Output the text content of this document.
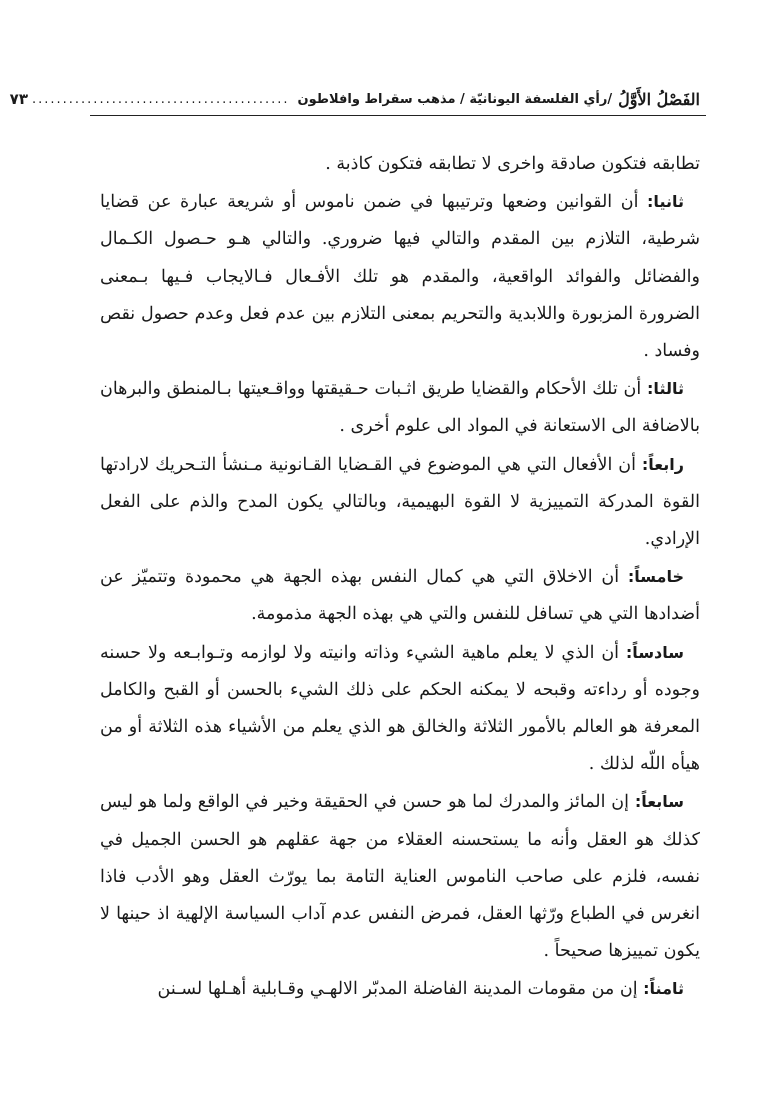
الفَصْلُ الأَوَّلُ
/رأي الفلسفة اليونانيّة / مذهب سقراط وافلاطون
..........................................
٧٣

تطابقه فتكون صادقة واخرى لا تطابقه فتكون كاذبة .

ثانيا: أن القوانين وضعها وترتيبها في ضمن ناموس أو شريعة عبارة عن قضايا شرطية، التلازم بين المقدم والتالي فيها ضروري. والتالي هـو حـصول الكـمال والفضائل والفوائد الواقعية، والمقدم هو تلك الأفـعال فـالايجاب فـيها بـمعنى الضرورة المزبورة واللابدية والتحريم بمعنى التلازم بين عدم فعل وعدم حصول نقص وفساد .

ثالثا: أن تلك الأحكام والقضايا طريق اثـبات حـقيقتها وواقـعيتها بـالمنطق والبرهان بالاضافة الى الاستعانة في المواد الى علوم أخرى .

رابعاً: أن الأفعال التي هي الموضوع في القـضايا القـانونية مـنشأ التـحريك لارادتها القوة المدركة التمييزية لا القوة البهيمية، وبالتالي يكون المدح والذم على الفعل الإرادي.

خامساً: أن الاخلاق التي هي كمال النفس بهذه الجهة هي محمودة وتتميّز عن أضدادها التي هي تسافل للنفس والتي هي بهذه الجهة مذمومة.

سادساً: أن الذي لا يعلم ماهية الشيء وذاته وانيته ولا لوازمه وتـوابـعه ولا حسنه وجوده أو رداءته وقبحه لا يمكنه الحكم على ذلك الشيء بالحسن أو القبح والكامل المعرفة هو العالم بالأمور الثلاثة والخالق هو الذي يعلم من الأشياء هذه الثلاثة أو من هيأه اللّه لذلك .

سابعاً: إن المائز والمدرك لما هو حسن في الحقيقة وخير في الواقع ولما هو ليس كذلك هو العقل وأنه ما يستحسنه العقلاء من جهة عقلهم هو الحسن الجميل في نفسه، فلزم على صاحب الناموس العناية التامة بما يورّث العقل وهو الأدب فاذا انغرس في الطباع ورّثها العقل، فمرض النفس عدم آداب السياسة الإلهية اذ حينها لا يكون تمييزها صحيحاً .

ثامناً: إن من مقومات المدينة الفاضلة المدبّر الالهـي وقـابلية أهـلها لسـنن
